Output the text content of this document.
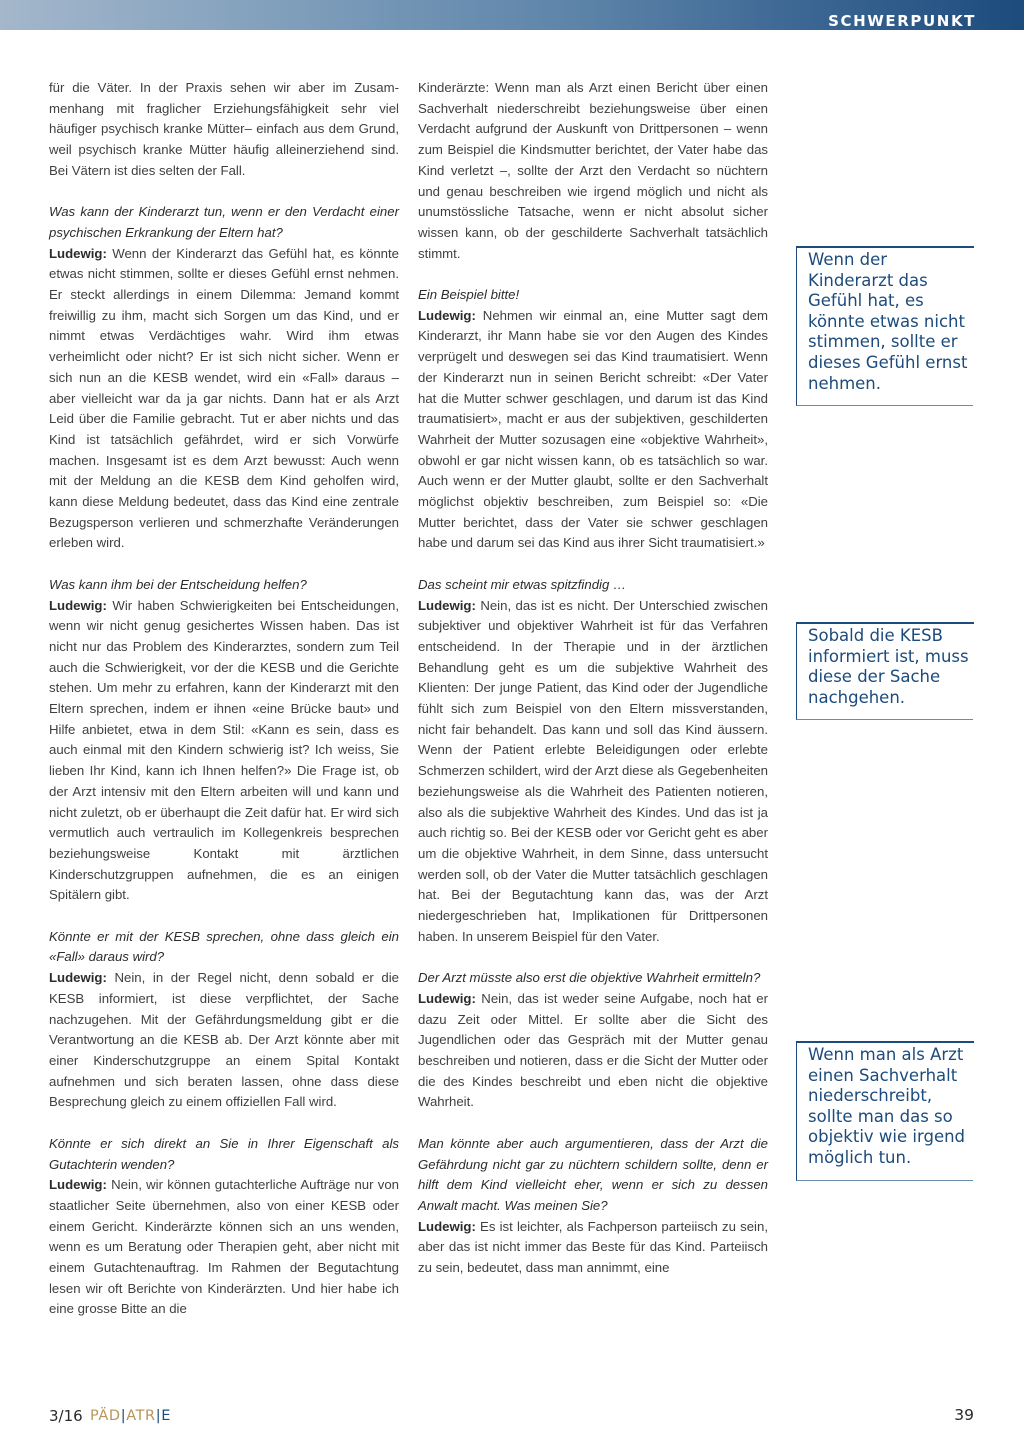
SCHWERPUNKT

für die Väter. In der Praxis sehen wir aber im Zusammenhang mit fraglicher Erziehungsfähigkeit sehr viel häufiger psychisch kranke Mütter– einfach aus dem Grund, weil psychisch kranke Mütter häufig alleinerziehend sind. Bei Vätern ist dies selten der Fall.

Was kann der Kinderarzt tun, wenn er den Verdacht einer psychischen Erkrankung der Eltern hat?
Ludewig: Wenn der Kinderarzt das Gefühl hat, es könnte etwas nicht stimmen, sollte er dieses Gefühl ernst nehmen. Er steckt allerdings in einem Dilemma: Jemand kommt freiwillig zu ihm, macht sich Sorgen um das Kind, und er nimmt etwas Verdächtiges wahr. Wird ihm etwas verheimlicht oder nicht? Er ist sich nicht sicher. Wenn er sich nun an die KESB wendet, wird ein «Fall» daraus – aber vielleicht war da ja gar nichts. Dann hat er als Arzt Leid über die Familie gebracht. Tut er aber nichts und das Kind ist tatsächlich gefährdet, wird er sich Vorwürfe machen. Insgesamt ist es dem Arzt bewusst: Auch wenn mit der Meldung an die KESB dem Kind geholfen wird, kann diese Meldung bedeutet, dass das Kind eine zentrale Bezugsperson verlieren und schmerzhafte Veränderungen erleben wird.

Was kann ihm bei der Entscheidung helfen?
Ludewig: Wir haben Schwierigkeiten bei Entscheidungen, wenn wir nicht genug gesichertes Wissen haben. Das ist nicht nur das Problem des Kinderarztes, sondern zum Teil auch die Schwierigkeit, vor der die KESB und die Gerichte stehen. Um mehr zu erfahren, kann der Kinderarzt mit den Eltern sprechen, indem er ihnen «eine Brücke baut» und Hilfe anbietet, etwa in dem Stil: «Kann es sein, dass es auch einmal mit den Kindern schwierig ist? Ich weiss, Sie lieben Ihr Kind, kann ich Ihnen helfen?» Die Frage ist, ob der Arzt intensiv mit den Eltern arbeiten will und kann und nicht zuletzt, ob er überhaupt die Zeit dafür hat. Er wird sich vermutlich auch vertraulich im Kollegenkreis besprechen beziehungsweise Kontakt mit ärztlichen Kinderschutzgruppen aufnehmen, die es an einigen Spitälern gibt.

Könnte er mit der KESB sprechen, ohne dass gleich ein «Fall» daraus wird?
Ludewig: Nein, in der Regel nicht, denn sobald er die KESB informiert, ist diese verpflichtet, der Sache nachzugehen. Mit der Gefährdungsmeldung gibt er die Verantwortung an die KESB ab. Der Arzt könnte aber mit einer Kinderschutzgruppe an einem Spital Kontakt aufnehmen und sich beraten lassen, ohne dass diese Besprechung gleich zu einem offiziellen Fall wird.

Könnte er sich direkt an Sie in Ihrer Eigenschaft als Gutachterin wenden?
Ludewig: Nein, wir können gutachterliche Aufträge nur von staatlicher Seite übernehmen, also von einer KESB oder einem Gericht. Kinderärzte können sich an uns wenden, wenn es um Beratung oder Therapien geht, aber nicht mit einem Gutachtenauftrag. Im Rahmen der Begutachtung lesen wir oft Berichte von Kinderärzten. Und hier habe ich eine grosse Bitte an die

Kinderärzte: Wenn man als Arzt einen Bericht über einen Sachverhalt niederschreibt beziehungsweise über einen Verdacht aufgrund der Auskunft von Drittpersonen – wenn zum Beispiel die Kindsmutter berichtet, der Vater habe das Kind verletzt –, sollte der Arzt den Verdacht so nüchtern und genau beschreiben wie irgend möglich und nicht als unumstössliche Tatsache, wenn er nicht absolut sicher wissen kann, ob der geschilderte Sachverhalt tatsächlich stimmt.

Ein Beispiel bitte!
Ludewig: Nehmen wir einmal an, eine Mutter sagt dem Kinderarzt, ihr Mann habe sie vor den Augen des Kindes verprügelt und deswegen sei das Kind traumatisiert. Wenn der Kinderarzt nun in seinen Bericht schreibt: «Der Vater hat die Mutter schwer geschlagen, und darum ist das Kind traumatisiert», macht er aus der subjektiven, geschilderten Wahrheit der Mutter sozusagen eine «objektive Wahrheit», obwohl er gar nicht wissen kann, ob es tatsächlich so war. Auch wenn er der Mutter glaubt, sollte er den Sachverhalt möglichst objektiv beschreiben, zum Beispiel so: «Die Mutter berichtet, dass der Vater sie schwer geschlagen habe und darum sei das Kind aus ihrer Sicht traumatisiert.»

Das scheint mir etwas spitzfindig …
Ludewig: Nein, das ist es nicht. Der Unterschied zwischen subjektiver und objektiver Wahrheit ist für das Verfahren entscheidend. In der Therapie und in der ärztlichen Behandlung geht es um die subjektive Wahrheit des Klienten: Der junge Patient, das Kind oder der Jugendliche fühlt sich zum Beispiel von den Eltern missverstanden, nicht fair behandelt. Das kann und soll das Kind äussern. Wenn der Patient erlebte Beleidigungen oder erlebte Schmerzen schildert, wird der Arzt diese als Gegebenheiten beziehungsweise als die Wahrheit des Patienten notieren, also als die subjektive Wahrheit des Kindes. Und das ist ja auch richtig so. Bei der KESB oder vor Gericht geht es aber um die objektive Wahrheit, in dem Sinne, dass untersucht werden soll, ob der Vater die Mutter tatsächlich geschlagen hat. Bei der Begutachtung kann das, was der Arzt niedergeschrieben hat, Implikationen für Drittpersonen haben. In unserem Beispiel für den Vater.

Der Arzt müsste also erst die objektive Wahrheit ermitteln?
Ludewig: Nein, das ist weder seine Aufgabe, noch hat er dazu Zeit oder Mittel. Er sollte aber die Sicht des Jugendlichen oder das Gespräch mit der Mutter genau beschreiben und notieren, dass er die Sicht der Mutter oder die des Kindes beschreibt und eben nicht die objektive Wahrheit.

Man könnte aber auch argumentieren, dass der Arzt die Gefährdung nicht gar zu nüchtern schildern sollte, denn er hilft dem Kind vielleicht eher, wenn er sich zu dessen Anwalt macht. Was meinen Sie?
Ludewig: Es ist leichter, als Fachperson parteiisch zu sein, aber das ist nicht immer das Beste für das Kind. Parteiisch zu sein, bedeutet, dass man annimmt, eine

Wenn der Kinderarzt das Gefühl hat, es könnte etwas nicht stimmen, sollte er dieses Gefühl ernst nehmen.
Sobald die KESB informiert ist, muss diese der Sache nachgehen.
Wenn man als Arzt einen Sachverhalt niederschreibt, sollte man das so objektiv wie irgend möglich tun.
3/16 PÄD|ATR|E	39
